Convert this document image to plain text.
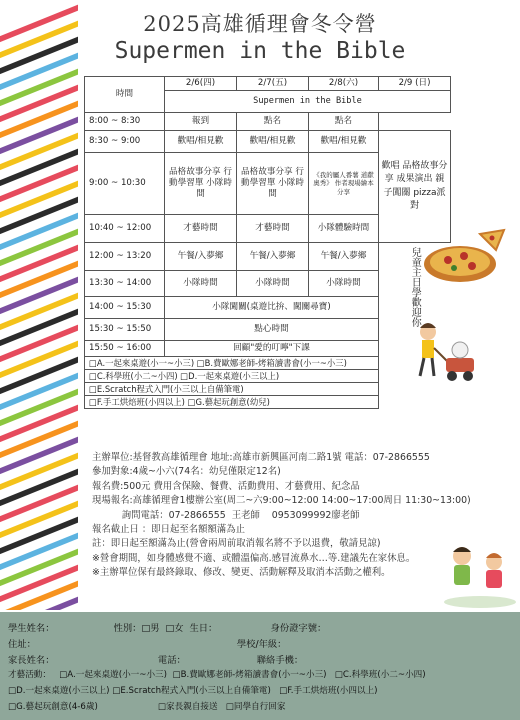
2025高雄循理會冬令營
Supermen in the Bible
時間	2/6(四)	2/7(五)	2/8(六)	2/9 (日)
	Supermen in the Bible			
8:00 ~ 8:30	報到	點名	點名	
8:30 ~ 9:00	歡唱/相見歡	歡唱/相見歡	歡唱/相見歡	歡唱 品格故事分享 成果演出 親子闖關 pizza派對
9:00 ~ 10:30	品格故事分享 行動學習單 小隊時間	品格故事分享 行動學習單 小隊時間	《我的屬人番薯 道獻奧秀》 作者現場繪本分享	
10:40 ~ 12:00	才藝時間	才藝時間	小隊體驗時間	
12:00 ~ 13:20	午餐/入夢鄉	午餐/入夢鄉	午餐/入夢鄉	兒童主日學歡迎你

13:30 ~ 14:00	小隊時間	小隊時間	小隊時間	
14:00 ~ 15:30	小隊闖關(桌遊比拚、闖關尋寶)			
15:30 ~ 15:50	點心時間			
15:50 ~ 16:00	回顧"愛的叮嚀"下課			
□A.一起來桌遊(小一~小三) □B.費歐娜老師-烤箱讀書會(小一~小三)				
□C.科學班(小二~小四) □D.一起來桌遊(小三以上)				
□E.Scratch程式入門(小三以上自備筆電)				
□F.手工烘焙班(小四以上) □G.藝起玩創意(幼兒)				
主辦單位:基督教高雄循理會 地址:高雄市新興區河南二路1號 電話：07-2866555
參加對象:4歲~小六(74名：幼兒僅限定12名)
報名費:500元 費用含保險、餐費、活動費用、才藝費用、紀念品
現場報名:高雄循理會1樓辦公室(周二~六9:00~12:00 14:00~17:00周日 11:30~13:00)
詢問電話：07-2866555  王老師    0953099992廖老師
報名截止日 ：即日起至名額額滿為止
註：即日起至額滿為止(營會兩周前取消報名將不予以退費，敬請見諒)
※營會期間，如身體感覺不適、或體溫偏高.感冒流鼻水…等.建議先在家休息。
※主辦單位保有最終錄取、修改、變更、活動解釋及取消本活動之權利。
學生姓名：                    性別：□男  □女  生日：                  身份證字號：
住址：                                                                    學校/年級：
家長姓名：                                   電話：                        聯絡手機：
才藝活動：   □A.一起來桌遊(小一~小三)  □B.費歐娜老師-烤箱讀書會(小一~小三)   □C.科學班(小二~小四)
□D.一起來桌遊(小三以上) □E.Scratch程式入門(小三以上自備筆電)   □F.手工烘焙班(小四以上)
□G.藝起玩創意(4-6歲)                      □家長親自接送   □同學自行回家
